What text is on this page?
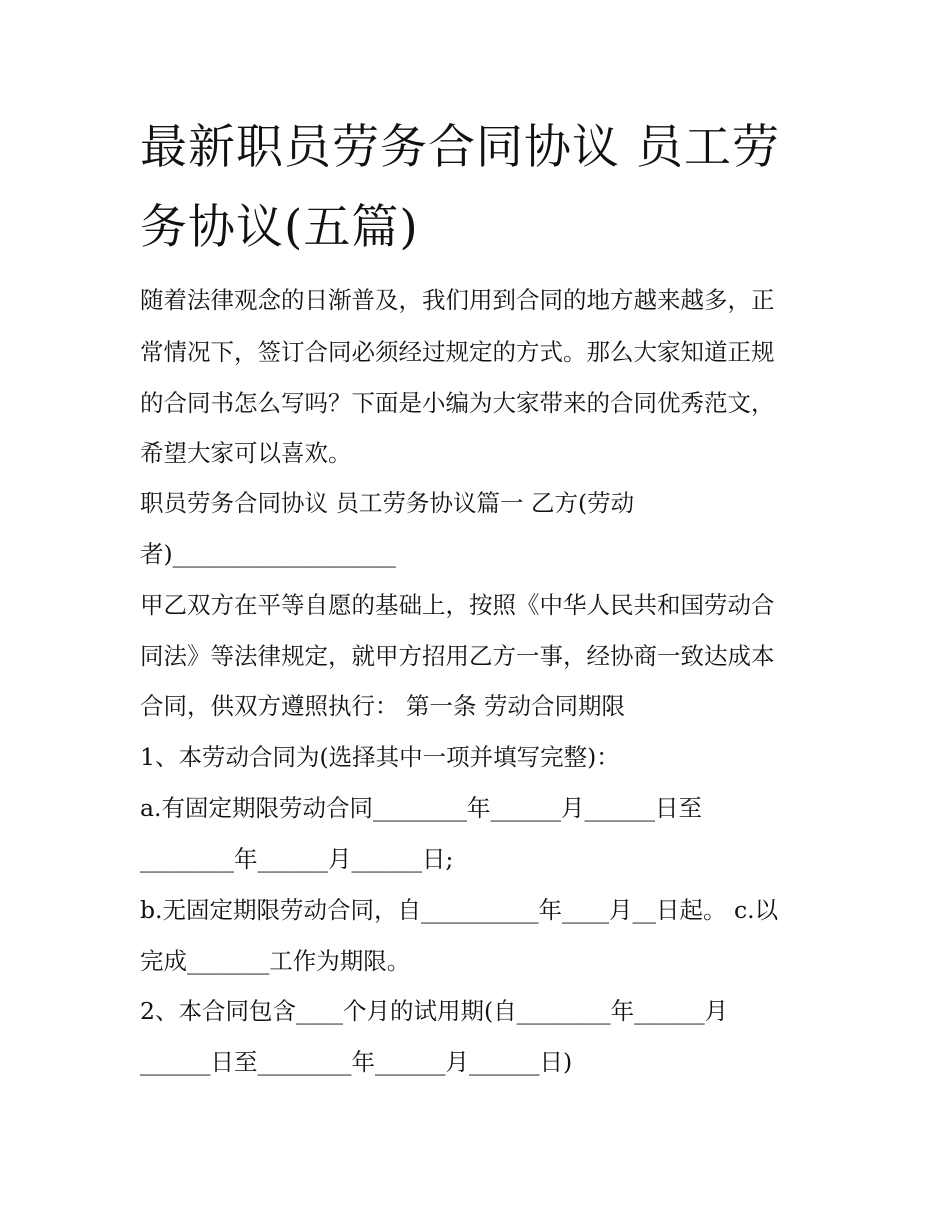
最新职员劳务合同协议 员工劳
务协议(五篇)
随着法律观念的日渐普及，我们用到合同的地方越来越多，正
常情况下，签订合同必须经过规定的方式。那么大家知道正规
的合同书怎么写吗？下面是小编为大家带来的合同优秀范文，
希望大家可以喜欢。
职员劳务合同协议 员工劳务协议篇一 乙方(劳动
者)___________________
甲乙双方在平等自愿的基础上，按照《中华人民共和国劳动合
同法》等法律规定，就甲方招用乙方一事，经协商一致达成本
合同，供双方遵照执行： 第一条 劳动合同期限
1、本劳动合同为(选择其中一项并填写完整)：
a.有固定期限劳动合同________年______月______日至
________年______月______日;
b.无固定期限劳动合同，自__________年____月__日起。 c.以
完成_______工作为期限。
2、本合同包含____个月的试用期(自________年______月
______日至________年______月______日)
